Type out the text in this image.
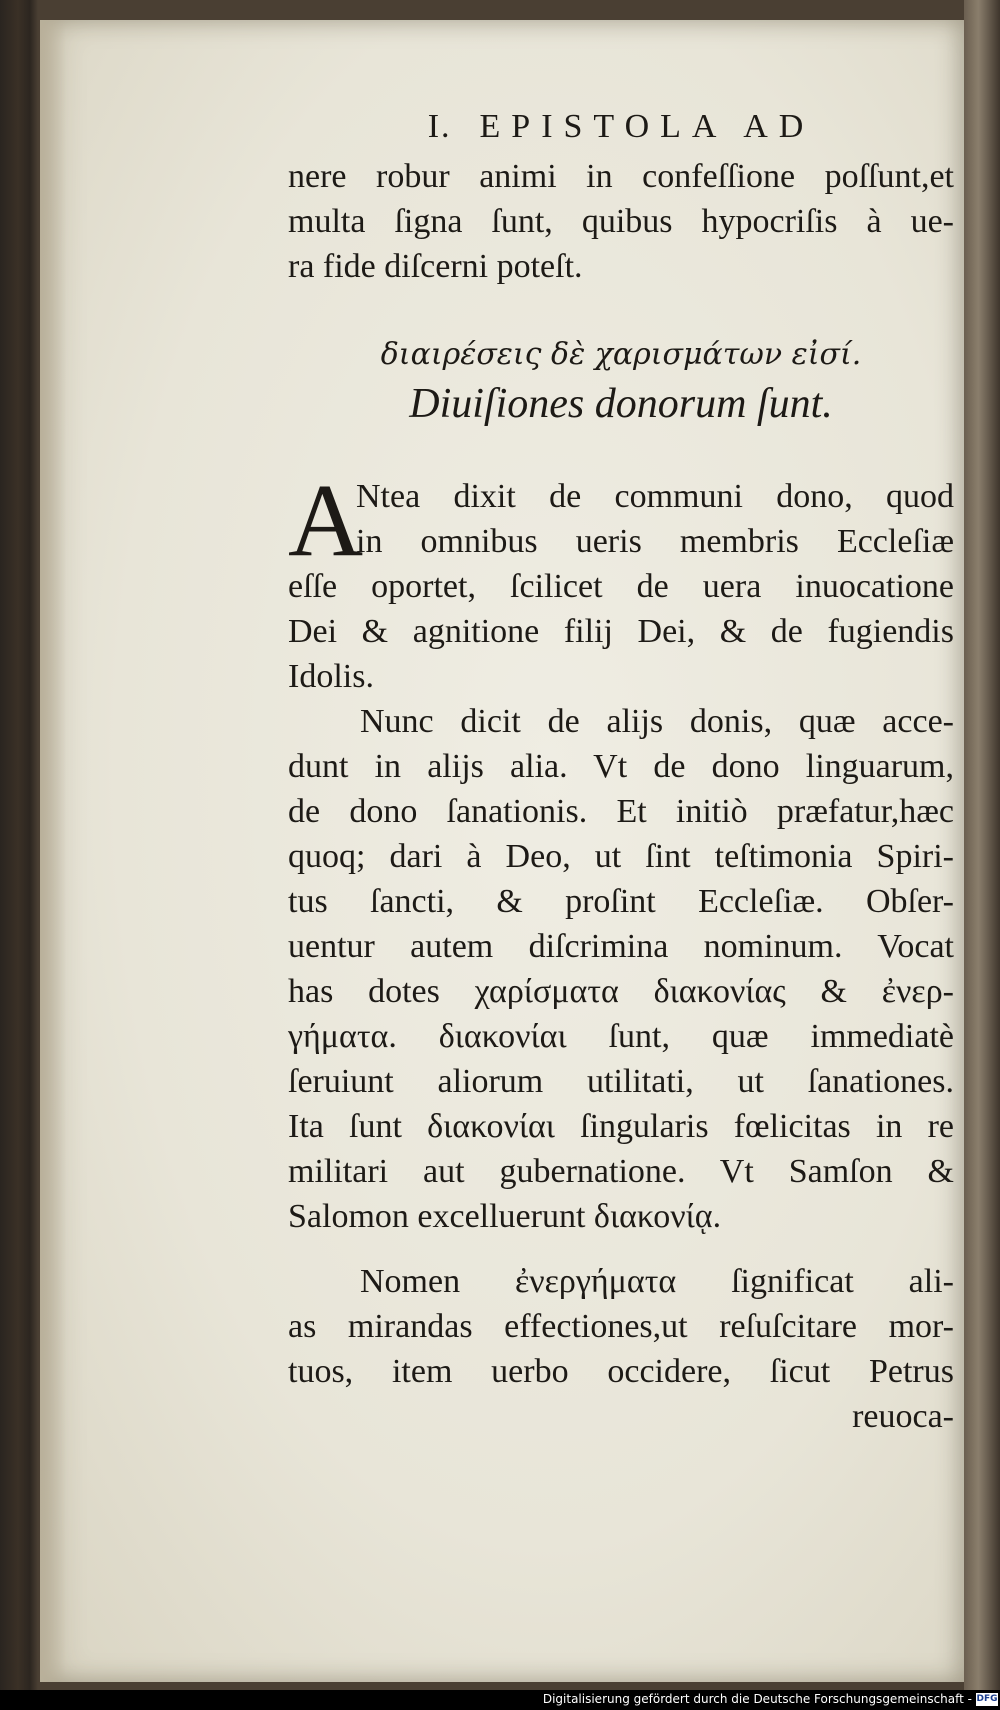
I. EPISTOLA AD

nere robur animi in confeſſione poſſunt,et
multa ſigna ſunt, quibus hypocriſis à ue-
ra fide diſcerni poteſt.

διαιρέσεις δὲ χαρισμάτων εἰσί.
Diuiſiones donorum ſunt.
A

Ntea dixit de communi dono, quod
in omnibus ueris membris Eccleſiæ
eſſe oportet, ſcilicet de uera inuocatione
Dei & agnitione filij Dei, & de fugiendis
Idolis.

Nunc dicit de alijs donis, quæ acce-
dunt in alijs alia. Vt de dono linguarum,
de dono ſanationis. Et initiò præfatur,hæc
quoq; dari à Deo, ut ſint teſtimonia Spiri-
tus ſancti, & proſint Eccleſiæ. Obſer-
uentur autem diſcrimina nominum. Vocat
has dotes χαρίσματα διακονίας & ἐνερ-
γήματα. διακονίαι ſunt, quæ immediatè
ſeruiunt aliorum utilitati, ut ſanationes.
Ita ſunt διακονίαι ſingularis fœlicitas in re
militari aut gubernatione. Vt Samſon &
Salomon excelluerunt διακονίᾳ.

Nomen ἐνεργήματα ſignificat ali-
as mirandas effectiones,ut reſuſcitare mor-
tuos, item uerbo occidere, ſicut Petrus

reuoca-

Digitalisierung gefördert durch die Deutsche Forschungsgemeinschaft - DFG
